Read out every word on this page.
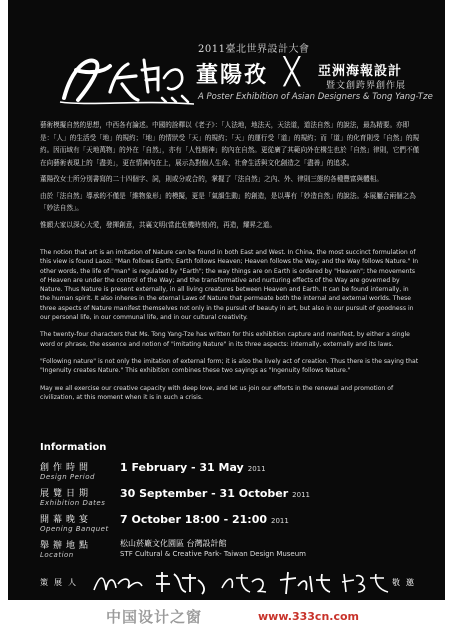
2011臺北世界設計大會
董陽孜 ╳ 亞洲海報設計
暨文創跨界創作展
A Poster Exhibition of Asian Designers & Tong Yang-Tze

藝術模擬自然的思想，中西各有論述。中國的詮釋以《老子》：「人法地，地法天，天法道，道法自然」的說法，最為精要。亦即是：「人」的生活受「地」的規約；「地」的情狀受「天」的規約；「天」的運行受「道」的規約；而「道」的化育則受「自然」的規約。因而域有「天地萬物」的外在「自然」，亦有「人性精神」的內在自然。更從廣了其範向外在構生也於「自然」律則，它們不僅在向藝術表現上的「盡美」，更在情神內在上，展示為對個人生命、社會生活與文化創造之「盡善」的追求。

董陽孜女士所分別書寫的二十四個字、詞，則或分或合的，掌握了「法自然」之內、外、律則三態的各種豐富與體相。

由於「法自然」導承的不僅是「維物象形」的模擬，更是「氣韻生動」的創造，是以專有「妙造自然」的說法。本展屬合兩個之為「妙法自然」。

惟願大家以深心大愛，發揮創意，共襄文明(當此危機時刻)的，再造，耀昇之道。

The notion that art is an imitation of Nature can be found in both East and West. In China, the most succinct formulation of this view is found Laozi: "Man follows Earth; Earth follows Heaven; Heaven follows the Way; and the Way follows Nature." In other words, the life of "man" is regulated by "Earth"; the way things are on Earth is ordered by "Heaven"; the movements of Heaven are under the control of the Way; and the transformative and nurturing effects of the Way are governed by Nature. Thus Nature is present externally, in all living creatures between Heaven and Earth. It can be found internally, in the human spirit. It also inheres in the eternal Laws of Nature that permeate both the internal and external worlds. These three aspects of Nature manifest themselves not only in the pursuit of beauty in art, but also in our pursuit of goodness in our personal life, in our communal life, and in our cultural creativity.

The twenty-four characters that Ms. Tong Yang-Tze has written for this exhibition capture and manifest, by either a single word or phrase, the essence and notion of "imitating Nature" in its three aspects: internally, externally and its laws.

"Following nature" is not only the imitation of external form; it is also the lively act of creation. Thus there is the saying that "Ingenuity creates Nature." This exhibition combines these two sayings as "Ingenuity follows Nature."

May we all exercise our creative capacity with deep love, and let us join our efforts in the renewal and promotion of civilization, at this moment when it is in such a crisis.

Information
創作時間
Design Period
1 February - 31 May 2011
展覽日期
Exhibition Dates
30 September - 31 October 2011
開幕晚宴
Opening Banquet
7 October 18:00 - 21:00 2011
舉辦地點
Location
松山菸廠文化園區 台灣設計館
STF Cultural & Creative Park- Taiwan Design Museum
策展人	敬邀
中国设计之窗	www.333cn.com
